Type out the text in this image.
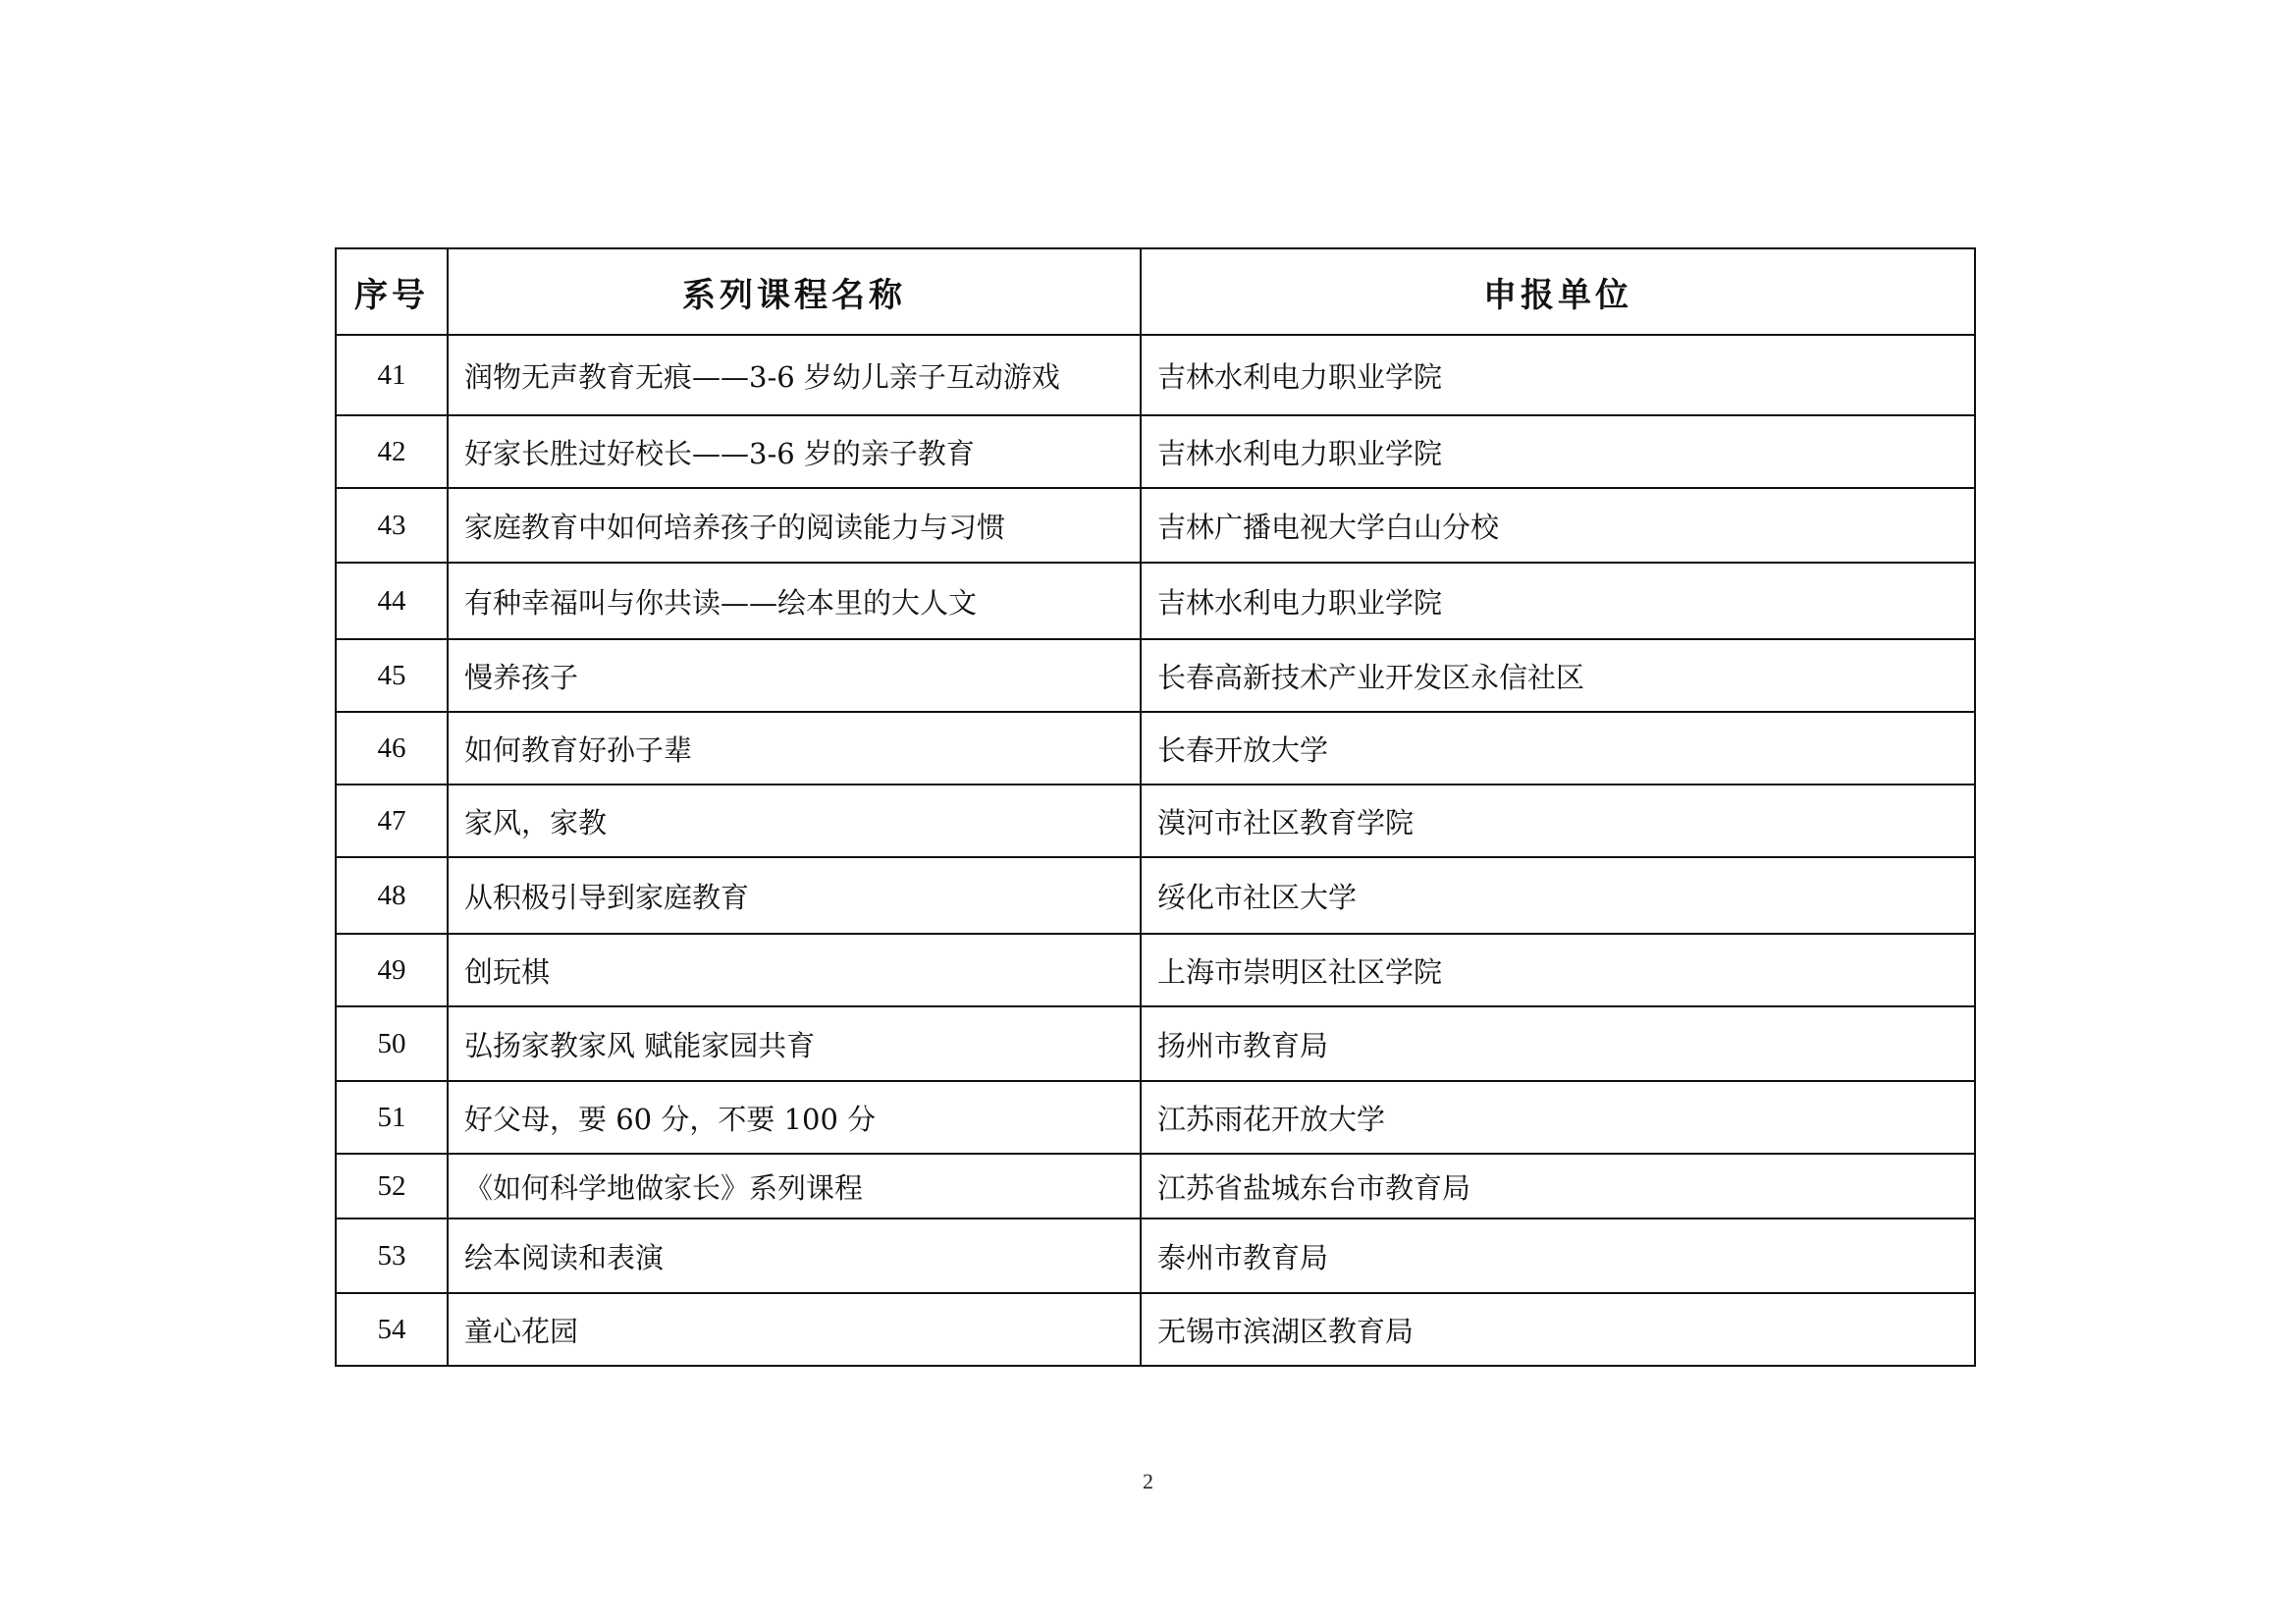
序号	系列课程名称	申报单位
41	润物无声教育无痕——3-6 岁幼儿亲子互动游戏	吉林水利电力职业学院
42	好家长胜过好校长——3-6 岁的亲子教育	吉林水利电力职业学院
43	家庭教育中如何培养孩子的阅读能力与习惯	吉林广播电视大学白山分校
44	有种幸福叫与你共读——绘本里的大人文	吉林水利电力职业学院
45	慢养孩子	长春高新技术产业开发区永信社区
46	如何教育好孙子辈	长春开放大学
47	家风，家教	漠河市社区教育学院
48	从积极引导到家庭教育	绥化市社区大学
49	创玩棋	上海市崇明区社区学院
50	弘扬家教家风 赋能家园共育	扬州市教育局
51	好父母，要 60 分，不要 100 分	江苏雨花开放大学
52	《如何科学地做家长》系列课程	江苏省盐城东台市教育局
53	绘本阅读和表演	泰州市教育局
54	童心花园	无锡市滨湖区教育局
2
